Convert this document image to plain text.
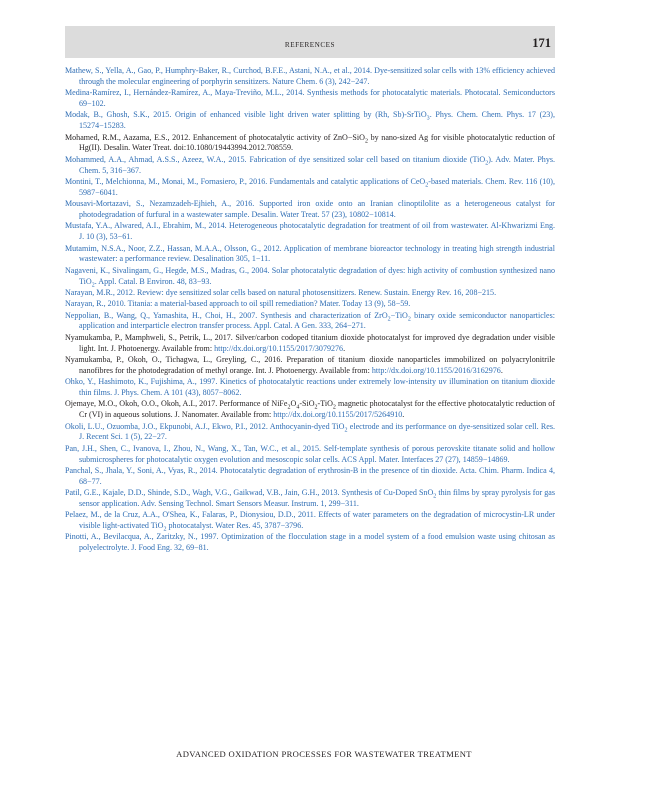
REFERENCES	171

Mathew, S., Yella, A., Gao, P., Humphry-Baker, R., Curchod, B.F.E., Astani, N.A., et al., 2014. Dye-sensitized solar cells with 13% efficiency achieved through the molecular engineering of porphyrin sensitizers. Nature Chem. 6 (3), 242−247.

Medina-Ramírez, I., Hernández-Ramírez, A., Maya-Treviño, M.L., 2014. Synthesis methods for photocatalytic materials. Photocatal. Semiconductors 69−102.

Modak, B., Ghosh, S.K., 2015. Origin of enhanced visible light driven water splitting by (Rh, Sb)-SrTiO$_3$. Phys. Chem. Chem. Phys. 17 (23), 15274−15283.

Mohamed, R.M., Aazama, E.S., 2012. Enhancement of photocatalytic activity of ZnO−SiO$_2$ by nano-sized Ag for visible photocatalytic reduction of Hg(II). Desalin. Water Treat. doi:10.1080/19443994.2012.708559.

Mohammed, A.A., Ahmad, A.S.S., Azeez, W.A., 2015. Fabrication of dye sensitized solar cell based on titanium dioxide (TiO$_2$). Adv. Mater. Phys. Chem. 5, 316−367.

Montini, T., Melchionna, M., Monai, M., Fornasiero, P., 2016. Fundamentals and catalytic applications of CeO$_2$-based materials. Chem. Rev. 116 (10), 5987−6041.

Mousavi-Mortazavi, S., Nezamzadeh-Ejhieh, A., 2016. Supported iron oxide onto an Iranian clinoptilolite as a heterogeneous catalyst for photodegradation of furfural in a wastewater sample. Desalin. Water Treat. 57 (23), 10802−10814.

Mustafa, Y.A., Alwared, A.I., Ebrahim, M., 2014. Heterogeneous photocatalytic degradation for treatment of oil from wastewater. Al-Khwarizmi Eng. J. 10 (3), 53−61.

Mutamim, N.S.A., Noor, Z.Z., Hassan, M.A.A., Olsson, G., 2012. Application of membrane bioreactor technology in treating high strength industrial wastewater: a performance review. Desalination 305, 1−11.

Nagaveni, K., Sivalingam, G., Hegde, M.S., Madras, G., 2004. Solar photocatalytic degradation of dyes: high activity of combustion synthesized nano TiO$_2$. Appl. Catal. B Environ. 48, 83−93.

Narayan, M.R., 2012. Review: dye sensitized solar cells based on natural photosensitizers. Renew. Sustain. Energy Rev. 16, 208−215.

Narayan, R., 2010. Titania: a material-based approach to oil spill remediation? Mater. Today 13 (9), 58−59.

Neppolian, B., Wang, Q., Yamashita, H., Choi, H., 2007. Synthesis and characterization of ZrO$_2$−TiO$_2$ binary oxide semiconductor nanoparticles: application and interparticle electron transfer process. Appl. Catal. A Gen. 333, 264−271.

Nyamukamba, P., Mamphweli, S., Petrik, L., 2017. Silver/carbon codoped titanium dioxide photocatalyst for improved dye degradation under visible light. Int. J. Photoenergy. Available from: http://dx.doi.org/10.1155/2017/3079276.

Nyamukamba, P., Okoh, O., Tichagwa, L., Greyling, C., 2016. Preparation of titanium dioxide nanoparticles immobilized on polyacrylonitrile nanofibres for the photodegradation of methyl orange. Int. J. Photoenergy. Available from: http://dx.doi.org/10.1155/2016/3162976.

Ohko, Y., Hashimoto, K., Fujishima, A., 1997. Kinetics of photocatalytic reactions under extremely low-intensity uv illumination on titanium dioxide thin films. J. Phys. Chem. A 101 (43), 8057−8062.

Ojemaye, M.O., Okoh, O.O., Okoh, A.I., 2017. Performance of $NiFe_2O_4-SiO_2-TiO_2$ magnetic photocatalyst for the effective photocatalytic reduction of Cr (VI) in aqueous solutions. J. Nanomater. Available from: http://dx.doi.org/10.1155/2017/5264910.

Okoli, L.U., Ozuomba, J.O., Ekpunobi, A.J., Ekwo, P.I., 2012. Anthocyanin-dyed TiO$_2$ electrode and its performance on dye-sensitized solar cell. Res. J. Recent Sci. 1 (5), 22−27.

Pan, J.H., Shen, C., Ivanova, I., Zhou, N., Wang, X., Tan, W.C., et al., 2015. Self-template synthesis of porous perovskite titanate solid and hollow submicrospheres for photocatalytic oxygen evolution and mesoscopic solar cells. ACS Appl. Mater. Interfaces 27 (27), 14859−14869.

Panchal, S., Jhala, Y., Soni, A., Vyas, R., 2014. Photocatalytic degradation of erythrosin-B in the presence of tin dioxide. Acta. Chim. Pharm. Indica 4, 68−77.

Patil, G.E., Kajale, D.D., Shinde, S.D., Wagh, V.G., Gaikwad, V.B., Jain, G.H., 2013. Synthesis of Cu-Doped SnO$_2$ thin films by spray pyrolysis for gas sensor application. Adv. Sensing Technol. Smart Sensors Measur. Instrum. 1, 299−311.

Pelaez, M., de la Cruz, A.A., O'Shea, K., Falaras, P., Dionysiou, D.D., 2011. Effects of water parameters on the degradation of microcystin-LR under visible light-activated TiO$_2$ photocatalyst. Water Res. 45, 3787−3796.

Pinotti, A., Bevilacqua, A., Zaritzky, N., 1997. Optimization of the flocculation stage in a model system of a food emulsion waste using chitosan as polyelectrolyte. J. Food Eng. 32, 69−81.

ADVANCED OXIDATION PROCESSES FOR WASTEWATER TREATMENT
